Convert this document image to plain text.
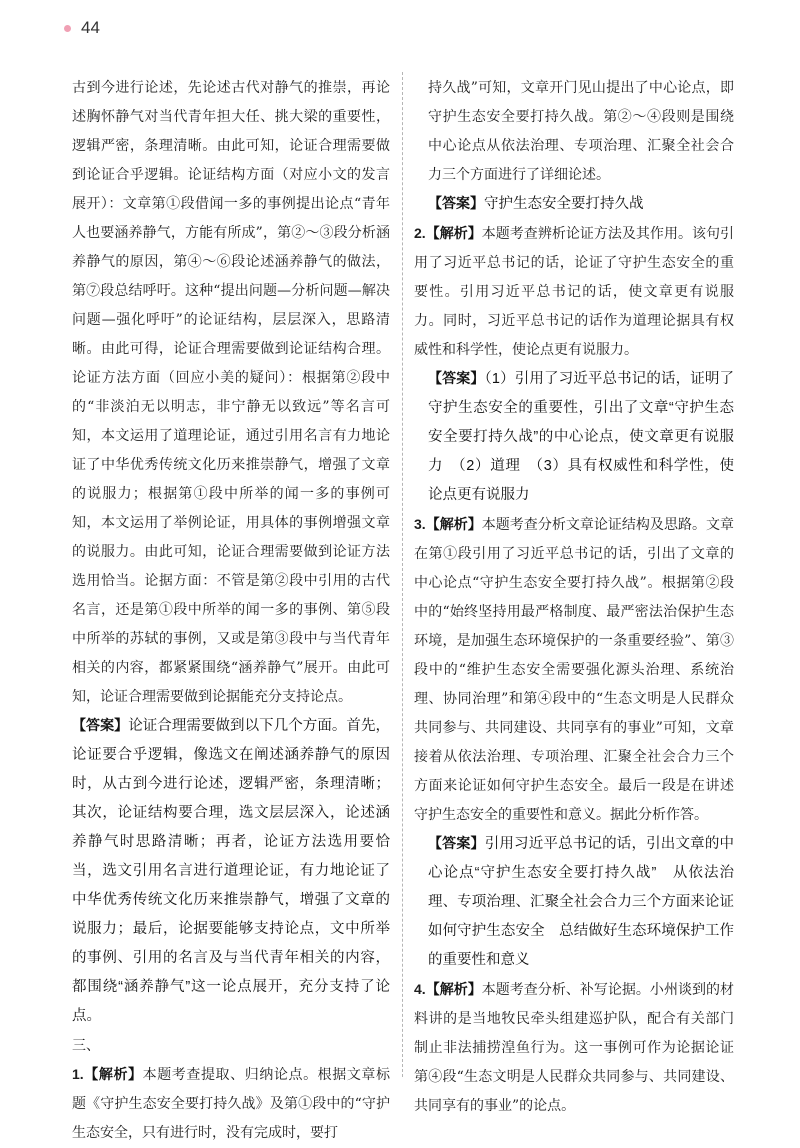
44

古到今进行论述，先论述古代对静气的推崇，再论述胸怀静气对当代青年担大任、挑大梁的重要性，逻辑严密，条理清晰。由此可知，论证合理需要做到论证合乎逻辑。论证结构方面（对应小文的发言展开）：文章第①段借闻一多的事例提出论点“青年人也要涵养静气，方能有所成”，第②～③段分析涵养静气的原因，第④～⑥段论述涵养静气的做法，第⑦段总结呼吁。这种“提出问题—分析问题—解决问题—强化呼吁”的论证结构，层层深入，思路清晰。由此可得，论证合理需要做到论证结构合理。论证方法方面（回应小美的疑问）：根据第②段中的“非淡泊无以明志，非宁静无以致远”等名言可知，本文运用了道理论证，通过引用名言有力地论证了中华优秀传统文化历来推崇静气，增强了文章的说服力；根据第①段中所举的闻一多的事例可知，本文运用了举例论证，用具体的事例增强文章的说服力。由此可知，论证合理需要做到论证方法选用恰当。论据方面：不管是第②段中引用的古代名言，还是第①段中所举的闻一多的事例、第⑤段中所举的苏轼的事例，又或是第③段中与当代青年相关的内容，都紧紧围绕“涵养静气”展开。由此可知，论证合理需要做到论据能充分支持论点。

【答案】论证合理需要做到以下几个方面。首先，论证要合乎逻辑，像选文在阐述涵养静气的原因时，从古到今进行论述，逻辑严密，条理清晰；其次，论证结构要合理，选文层层深入，论述涵养静气时思路清晰；再者，论证方法选用要恰当，选文引用名言进行道理论证，有力地论证了中华优秀传统文化历来推崇静气，增强了文章的说服力；最后，论据要能够支持论点，文中所举的事例、引用的名言及与当代青年相关的内容，都围绕“涵养静气”这一论点展开，充分支持了论点。

三、

1.【解析】本题考查提取、归纳论点。根据文章标题《守护生态安全要打持久战》及第①段中的“守护生态安全，只有进行时，没有完成时，要打

持久战”可知，文章开门见山提出了中心论点，即守护生态安全要打持久战。第②～④段则是围绕中心论点从依法治理、专项治理、汇聚全社会合力三个方面进行了详细论述。

【答案】守护生态安全要打持久战

2.【解析】本题考查辨析论证方法及其作用。该句引用了习近平总书记的话，论证了守护生态安全的重要性。引用习近平总书记的话，使文章更有说服力。同时，习近平总书记的话作为道理论据具有权威性和科学性，使论点更有说服力。

【答案】（1）引用了习近平总书记的话，证明了守护生态安全的重要性，引出了文章“守护生态安全要打持久战”的中心论点，使文章更有说服力　（2）道理　（3）具有权威性和科学性，使论点更有说服力

3.【解析】本题考查分析文章论证结构及思路。文章在第①段引用了习近平总书记的话，引出了文章的中心论点“守护生态安全要打持久战”。根据第②段中的“始终坚持用最严格制度、最严密法治保护生态环境，是加强生态环境保护的一条重要经验”、第③段中的“维护生态安全需要强化源头治理、系统治理、协同治理”和第④段中的“生态文明是人民群众共同参与、共同建设、共同享有的事业”可知，文章接着从依法治理、专项治理、汇聚全社会合力三个方面来论证如何守护生态安全。最后一段是在讲述守护生态安全的重要性和意义。据此分析作答。

【答案】引用习近平总书记的话，引出文章的中心论点“守护生态安全要打持久战”　从依法治理、专项治理、汇聚全社会合力三个方面来论证如何守护生态安全　总结做好生态环境保护工作的重要性和意义

4.【解析】本题考查分析、补写论据。小州谈到的材料讲的是当地牧民牵头组建巡护队，配合有关部门制止非法捕捞湟鱼行为。这一事例可作为论据论证第④段“生态文明是人民群众共同参与、共同建设、共同享有的事业”的论点。
